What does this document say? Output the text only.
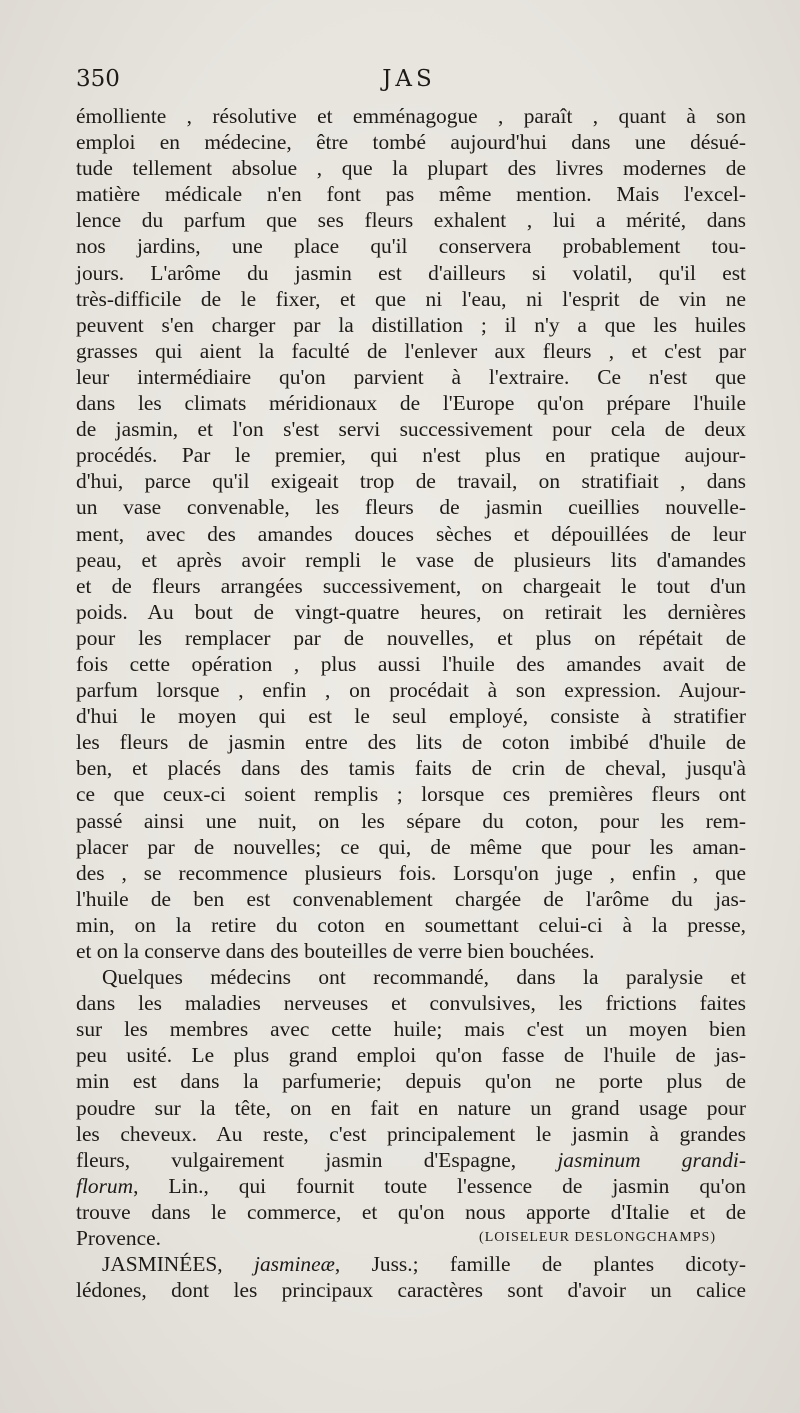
350	JAS
émolliente , résolutive et emménagogue , paraît , quant à son
emploi en médecine, être tombé aujourd'hui dans une désué-
tude tellement absolue , que la plupart des livres modernes de
matière médicale n'en font pas même mention. Mais l'excel-
lence du parfum que ses fleurs exhalent , lui a mérité, dans
nos jardins, une place qu'il conservera probablement tou-
jours. L'arôme du jasmin est d'ailleurs si volatil, qu'il est
très-difficile de le fixer, et que ni l'eau, ni l'esprit de vin ne
peuvent s'en charger par la distillation ; il n'y a que les huiles
grasses qui aient la faculté de l'enlever aux fleurs , et c'est par
leur intermédiaire qu'on parvient à l'extraire. Ce n'est que
dans les climats méridionaux de l'Europe qu'on prépare l'huile
de jasmin, et l'on s'est servi successivement pour cela de deux
procédés. Par le premier, qui n'est plus en pratique aujour-
d'hui, parce qu'il exigeait trop de travail, on stratifiait , dans
un vase convenable, les fleurs de jasmin cueillies nouvelle-
ment, avec des amandes douces sèches et dépouillées de leur
peau, et après avoir rempli le vase de plusieurs lits d'amandes
et de fleurs arrangées successivement, on chargeait le tout d'un
poids. Au bout de vingt-quatre heures, on retirait les dernières
pour les remplacer par de nouvelles, et plus on répétait de
fois cette opération , plus aussi l'huile des amandes avait de
parfum lorsque , enfin , on procédait à son expression. Aujour-
d'hui le moyen qui est le seul employé, consiste à stratifier
les fleurs de jasmin entre des lits de coton imbibé d'huile de
ben, et placés dans des tamis faits de crin de cheval, jusqu'à
ce que ceux-ci soient remplis ; lorsque ces premières fleurs ont
passé ainsi une nuit, on les sépare du coton, pour les rem-
placer par de nouvelles; ce qui, de même que pour les aman-
des , se recommence plusieurs fois. Lorsqu'on juge , enfin , que
l'huile de ben est convenablement chargée de l'arôme du jas-
min, on la retire du coton en soumettant celui-ci à la presse,
et on la conserve dans des bouteilles de verre bien bouchées.
Quelques médecins ont recommandé, dans la paralysie et
dans les maladies nerveuses et convulsives, les frictions faites
sur les membres avec cette huile; mais c'est un moyen bien
peu usité. Le plus grand emploi qu'on fasse de l'huile de jas-
min est dans la parfumerie; depuis qu'on ne porte plus de
poudre sur la tête, on en fait en nature un grand usage pour
les cheveux. Au reste, c'est principalement le jasmin à grandes
fleurs, vulgairement jasmin d'Espagne, jasminum grandi-
florum, Lin., qui fournit toute l'essence de jasmin qu'on
trouve dans le commerce, et qu'on nous apporte d'Italie et de
Provence.	(LOISELEUR DESLONGCHAMPS)
JASMINÉES, jasmineæ, Juss.; famille de plantes dicoty-
lédones, dont les principaux caractères sont d'avoir un calice
